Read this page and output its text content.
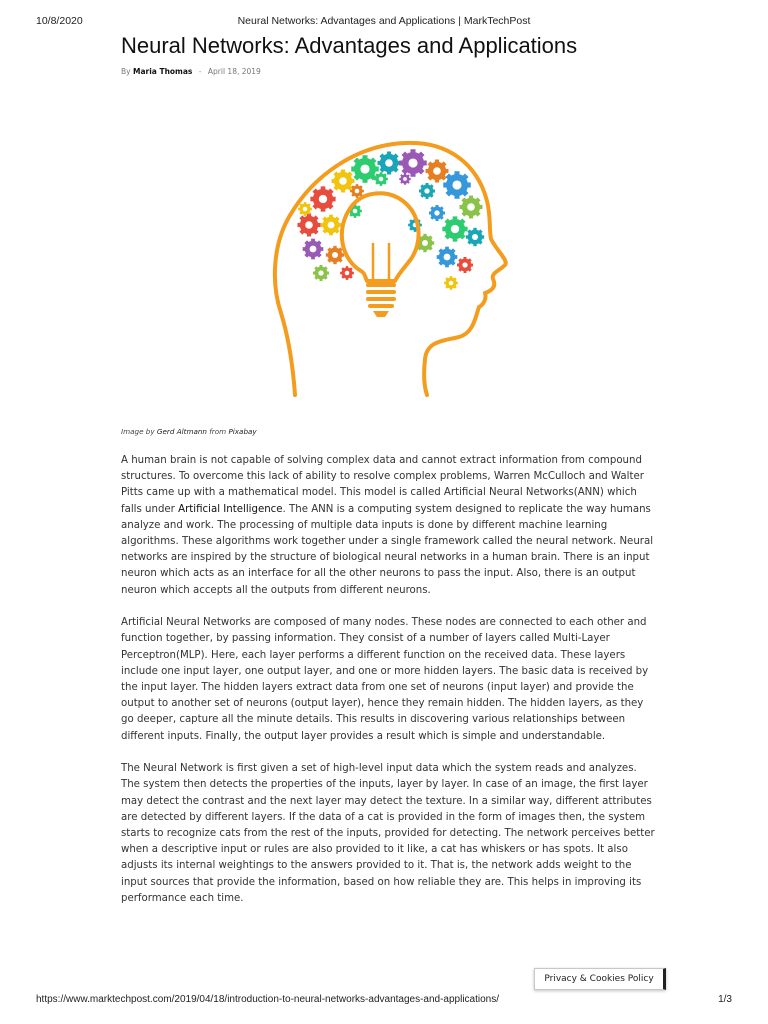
10/8/2020	Neural Networks: Advantages and Applications | MarkTechPost
Neural Networks: Advantages and Applications
By Maria Thomas - April 18, 2019
Image by Gerd Altmann from Pixabay

A human brain is not capable of solving complex data and cannot extract information from compound structures. To overcome this lack of ability to resolve complex problems, Warren McCulloch and Walter Pitts came up with a mathematical model. This model is called Artificial Neural Networks(ANN) which falls under Artificial Intelligence. The ANN is a computing system designed to replicate the way humans analyze and work. The processing of multiple data inputs is done by different machine learning algorithms. These algorithms work together under a single framework called the neural network. Neural networks are inspired by the structure of biological neural networks in a human brain. There is an input neuron which acts as an interface for all the other neurons to pass the input. Also, there is an output neuron which accepts all the outputs from different neurons.

Artificial Neural Networks are composed of many nodes. These nodes are connected to each other and function together, by passing information. They consist of a number of layers called Multi-Layer Perceptron(MLP). Here, each layer performs a different function on the received data. These layers include one input layer, one output layer, and one or more hidden layers. The basic data is received by the input layer. The hidden layers extract data from one set of neurons (input layer) and provide the output to another set of neurons (output layer), hence they remain hidden. The hidden layers, as they go deeper, capture all the minute details. This results in discovering various relationships between different inputs. Finally, the output layer provides a result which is simple and understandable.

The Neural Network is first given a set of high-level input data which the system reads and analyzes. The system then detects the properties of the inputs, layer by layer. In case of an image, the first layer may detect the contrast and the next layer may detect the texture. In a similar way, different attributes are detected by different layers. If the data of a cat is provided in the form of images then, the system starts to recognize cats from the rest of the inputs, provided for detecting. The network perceives better when a descriptive input or rules are also provided to it like, a cat has whiskers or has spots. It also adjusts its internal weightings to the answers provided to it. That is, the network adds weight to the input sources that provide the information, based on how reliable they are. This helps in improving its performance each time.

Privacy & Cookies Policy
https://www.marktechpost.com/2019/04/18/introduction-to-neural-networks-advantages-and-applications/	1/3
